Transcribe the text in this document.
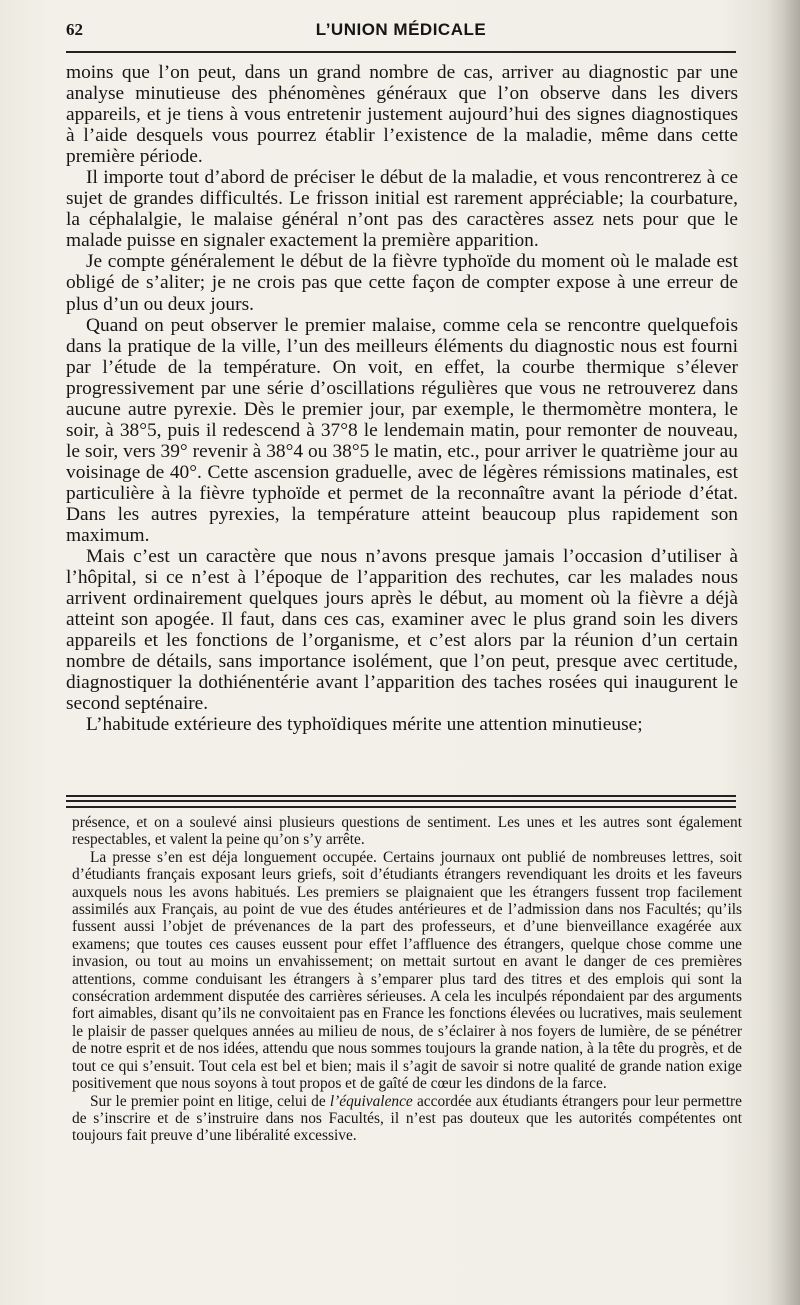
62	L’UNION MÉDICALE

moins que l’on peut, dans un grand nombre de cas, arriver au diagnostic par une analyse minutieuse des phénomènes généraux que l’on observe dans les divers appareils, et je tiens à vous entretenir justement aujourd’hui des signes diagnostiques à l’aide desquels vous pourrez établir l’existence de la maladie, même dans cette première période.

Il importe tout d’abord de préciser le début de la maladie, et vous rencontrerez à ce sujet de grandes difficultés. Le frisson initial est rarement appréciable; la courbature, la céphalalgie, le malaise général n’ont pas des caractères assez nets pour que le malade puisse en signaler exactement la première apparition.

Je compte généralement le début de la fièvre typhoïde du moment où le malade est obligé de s’aliter; je ne crois pas que cette façon de compter expose à une erreur de plus d’un ou deux jours.

Quand on peut observer le premier malaise, comme cela se rencontre quelquefois dans la pratique de la ville, l’un des meilleurs éléments du diagnostic nous est fourni par l’étude de la température. On voit, en effet, la courbe thermique s’élever progressivement par une série d’oscillations régulières que vous ne retrouverez dans aucune autre pyrexie. Dès le premier jour, par exemple, le thermomètre montera, le soir, à 38°5, puis il redescend à 37°8 le lendemain matin, pour remonter de nouveau, le soir, vers 39° revenir à 38°4 ou 38°5 le matin, etc., pour arriver le quatrième jour au voisinage de 40°. Cette ascension graduelle, avec de légères rémissions matinales, est particulière à la fièvre typhoïde et permet de la reconnaître avant la période d’état. Dans les autres pyrexies, la température atteint beaucoup plus rapidement son maximum.

Mais c’est un caractère que nous n’avons presque jamais l’occasion d’utiliser à l’hôpital, si ce n’est à l’époque de l’apparition des rechutes, car les malades nous arrivent ordinairement quelques jours après le début, au moment où la fièvre a déjà atteint son apogée. Il faut, dans ces cas, examiner avec le plus grand soin les divers appareils et les fonctions de l’organisme, et c’est alors par la réunion d’un certain nombre de détails, sans importance isolément, que l’on peut, presque avec certitude, diagnostiquer la dothiénentérie avant l’apparition des taches rosées qui inaugurent le second septénaire.

L’habitude extérieure des typhoïdiques mérite une attention minutieuse;

présence, et on a soulevé ainsi plusieurs questions de sentiment. Les unes et les autres sont également respectables, et valent la peine qu’on s’y arrête.

La presse s’en est déja longuement occupée. Certains journaux ont publié de nombreuses lettres, soit d’étudiants français exposant leurs griefs, soit d’étudiants étrangers revendiquant les droits et les faveurs auxquels nous les avons habitués. Les premiers se plaignaient que les étrangers fussent trop facilement assimilés aux Français, au point de vue des études antérieures et de l’admission dans nos Facultés; qu’ils fussent aussi l’objet de prévenances de la part des professeurs, et d’une bienveillance exagérée aux examens; que toutes ces causes eussent pour effet l’affluence des étrangers, quelque chose comme une invasion, ou tout au moins un envahissement; on mettait surtout en avant le danger de ces premières attentions, comme conduisant les étrangers à s’emparer plus tard des titres et des emplois qui sont la consécration ardemment disputée des carrières sérieuses. A cela les inculpés répondaient par des arguments fort aimables, disant qu’ils ne convoitaient pas en France les fonctions élevées ou lucratives, mais seulement le plaisir de passer quelques années au milieu de nous, de s’éclairer à nos foyers de lumière, de se pénétrer de notre esprit et de nos idées, attendu que nous sommes toujours la grande nation, à la tête du progrès, et de tout ce qui s’ensuit. Tout cela est bel et bien; mais il s’agit de savoir si notre qualité de grande nation exige positivement que nous soyons à tout propos et de gaîté de cœur les dindons de la farce.

Sur le premier point en litige, celui de l’équivalence accordée aux étudiants étrangers pour leur permettre de s’inscrire et de s’instruire dans nos Facultés, il n’est pas douteux que les autorités compétentes ont toujours fait preuve d’une libéralité excessive.
